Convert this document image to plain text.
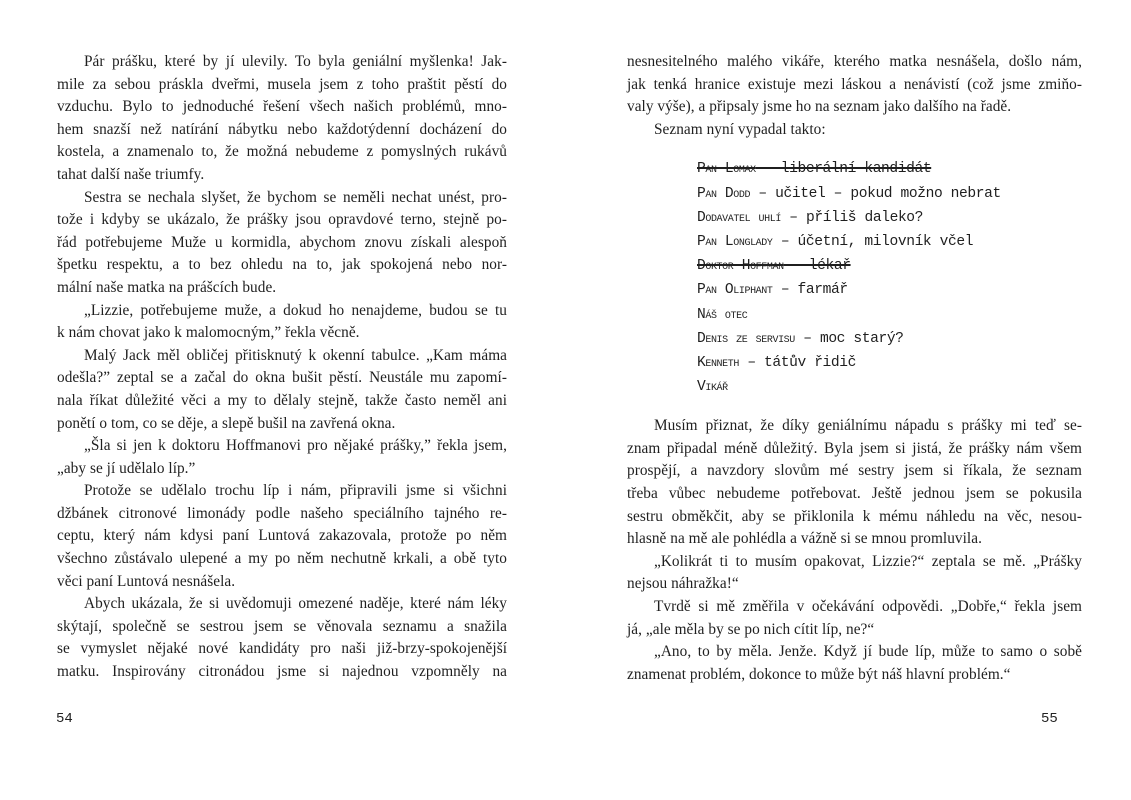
Pár prášku, které by jí ulevily. To byla geniální myšlenka! Jak-
mile za sebou práskla dveřmi, musela jsem z toho praštit pěstí do
vzduchu. Bylo to jednoduché řešení všech našich problémů, mno-
hem snazší než natírání nábytku nebo každotýdenní docházení do
kostela, a znamenalo to, že možná nebudeme z pomyslných rukávů
tahat další naše triumfy.
Sestra se nechala slyšet, že bychom se neměli nechat unést, pro-
tože i kdyby se ukázalo, že prášky jsou opravdové terno, stejně po-
řád potřebujeme Muže u kormidla, abychom znovu získali alespoň
špetku respektu, a to bez ohledu na to, jak spokojená nebo nor-
mální naše matka na prášcích bude.
„Lizzie, potřebujeme muže, a dokud ho nenajdeme, budou se tu
k nám chovat jako k malomocným,” řekla věcně.
Malý Jack měl obličej přitisknutý k okenní tabulce. „Kam máma
odešla?” zeptal se a začal do okna bušit pěstí. Neustále mu zapomí-
nala říkat důležité věci a my to dělaly stejně, takže často neměl ani
ponětí o tom, co se děje, a slepě bušil na zavřená okna.
„Šla si jen k doktoru Hoffmanovi pro nějaké prášky,” řekla jsem,
„aby se jí udělalo líp.”
Protože se udělalo trochu líp i nám, připravili jsme si všichni
džbánek citronové limonády podle našeho speciálního tajného re-
ceptu, který nám kdysi paní Luntová zakazovala, protože po něm
všechno zůstávalo ulepené a my po něm nechutně krkali, a obě tyto
věci paní Luntová nesnášela.
Abych ukázala, že si uvědomuji omezené naděje, které nám léky
skýtají, společně se sestrou jsem se věnovala seznamu a snažila
se vymyslet nějaké nové kandidáty pro naši již-brzy-spokojenější
matku. Inspirovány citronádou jsme si najednou vzpomněly na
nesnesitelného malého vikáře, kterého matka nesnášela, došlo nám,
jak tenká hranice existuje mezi láskou a nenávistí (což jsme zmiňo-
valy výše), a připsaly jsme ho na seznam jako dalšího na řadě.
Seznam nyní vypadal takto:
Pan Lomax – liberální kandidát
Pan Dodd – učitel – pokud možno nebrat
Dodavatel uhlí – příliš daleko?
Pan Longlady – účetní, milovník včel
Doktor Hoffman – lékař
Pan Oliphant – farmář
Náš otec
Denis ze servisu – moc starý?
Kenneth – tátův řidič
Vikář
Musím přiznat, že díky geniálnímu nápadu s prášky mi teď se-
znam připadal méně důležitý. Byla jsem si jistá, že prášky nám všem
prospějí, a navzdory slovům mé sestry jsem si říkala, že seznam
třeba vůbec nebudeme potřebovat. Ještě jednou jsem se pokusila
sestru obměkčit, aby se přiklonila k mému náhledu na věc, nesou-
hlasně na mě ale pohlédla a vážně si se mnou promluvila.
„Kolikrát ti to musím opakovat, Lizzie?“ zeptala se mě. „Prášky
nejsou náhražka!“
Tvrdě si mě změřila v očekávání odpovědi. „Dobře,“ řekla jsem
já, „ale měla by se po nich cítit líp, ne?“
„Ano, to by měla. Jenže. Když jí bude líp, může to samo o sobě
znamenat problém, dokonce to může být náš hlavní problém.“
54	55
